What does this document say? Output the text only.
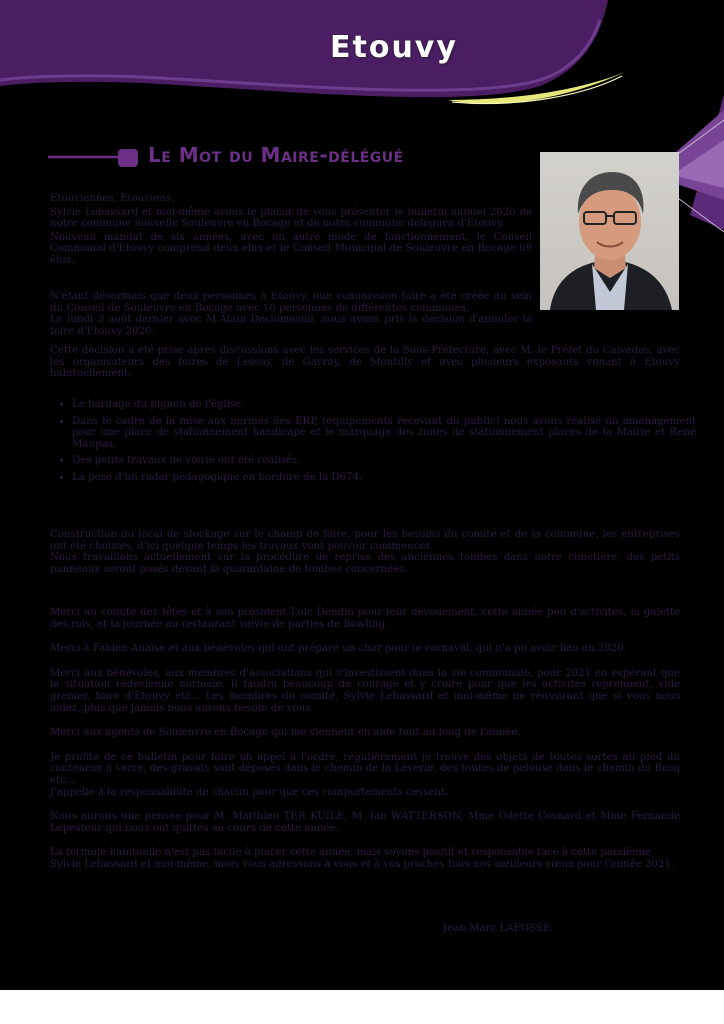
Etouvy
Le Mot du Maire-délégué

Etouviennes, Etouviens,

Sylvie Lebassard et moi-même avons le plaisir de vous présenter le bulletin annuel 2020 de notre commune nouvelle Souleuvre en Bocage et de notre commune déléguée d'Etouvy.

Nouveau mandat de six années, avec un autre mode de fonctionnement, le Conseil Communal d'Etouvy comprend deux élus et le Conseil Municipal de Souleuvre en Bocage 69 élus.

N'étant désormais que deux personnes à Etouvy, une commission foire a été créée au sein du Conseil de Souleuvre en Bocage avec 10 personnes de différentes communes.

Le lundi 3 août dernier avec M.Alain Declomesnil, nous avons pris la décision d'annuler la foire d'Etouvy 2020.

Cette décision a été prise après discussions avec les services de la Sous-Préfecture, avec M. le Préfet du Calvados, avec les organisateurs des foires de Lessay, de Gavray, de Montilly et avec plusieurs exposants venant à Etouvy habituellement.

• Le bardage du pignon de l'église.
• Dans le cadre de la mise aux normes des ERP, (équipements recevant du public) nous avons réalisé un aménagement pour une place de stationnement handicapé et le marquage des zones de stationnement places de la Mairie et René Maupas.
• Des petits travaux de voirie ont été réalisés.
• La pose d'un radar pédagogique en bordure de la D674.

Construction du local de stockage sur le champ de foire, pour les besoins du comité et de la commune, les entreprises ont été choisies, d'ici quelque temps les travaux vont pouvoir commencer.

Nous travaillons actuellement sur la procédure de reprise des anciennes tombes dans notre cimetière, des petits panneaux seront posés devant la quarantaine de tombes concernées.

Merci au comité des fêtes et à son président Loïc Dendin pour leur dévouement, cette année peu d'activités, la galette des rois, et la journée au restaurant suivie de parties de Bowling.

Merci à Fabien Anaïse et aux bénévoles qui ont préparé un char pour le carnaval, qui n'a pu avoir lieu en 2020.

Merci aux bénévoles, aux membres d'associations qui s'investissent dans la vie communale, pour 2021 en espérant que la situation redevienne normale. Il faudra beaucoup de courage et y croire pour que les activités reprennent, vide grenier, foire d'Etouvy etc... Les membres du comité, Sylvie Lebassard et moi-même ne réussiront que si vous nous aidez, plus que jamais nous aurons besoin de vous.

Merci aux agents de Souleuvre en Bocage qui me viennent en aide tout au long de l'année.

Je profite de ce bulletin pour faire un appel à l'ordre, régulièrement je trouve des objets de toutes sortes au pied du conteneur à verre, des gravats sont déposés dans le chemin de la Lèverie, des tontes de pelouse dans le chemin du Bosq etc...
J'appelle à la responsabilité de chacun pour que ces comportements cessent.

Nous aurons une pensée pour M. Matthieu TER KUILE, M. Ian WATTERSON, Mme Odette Cosnard et Mme Fernande Lepesteur qui nous ont quittés au cours de cette année.

La formule habituelle n'est pas facile à placer cette année, mais soyons positif et responsable face à cette pandémie.
Sylvie Lebassard et moi-même, nous vous adressons à vous et à vos proches tous nos meilleurs vœux pour l'année 2021.

Jean-Marc LAFOSSE
